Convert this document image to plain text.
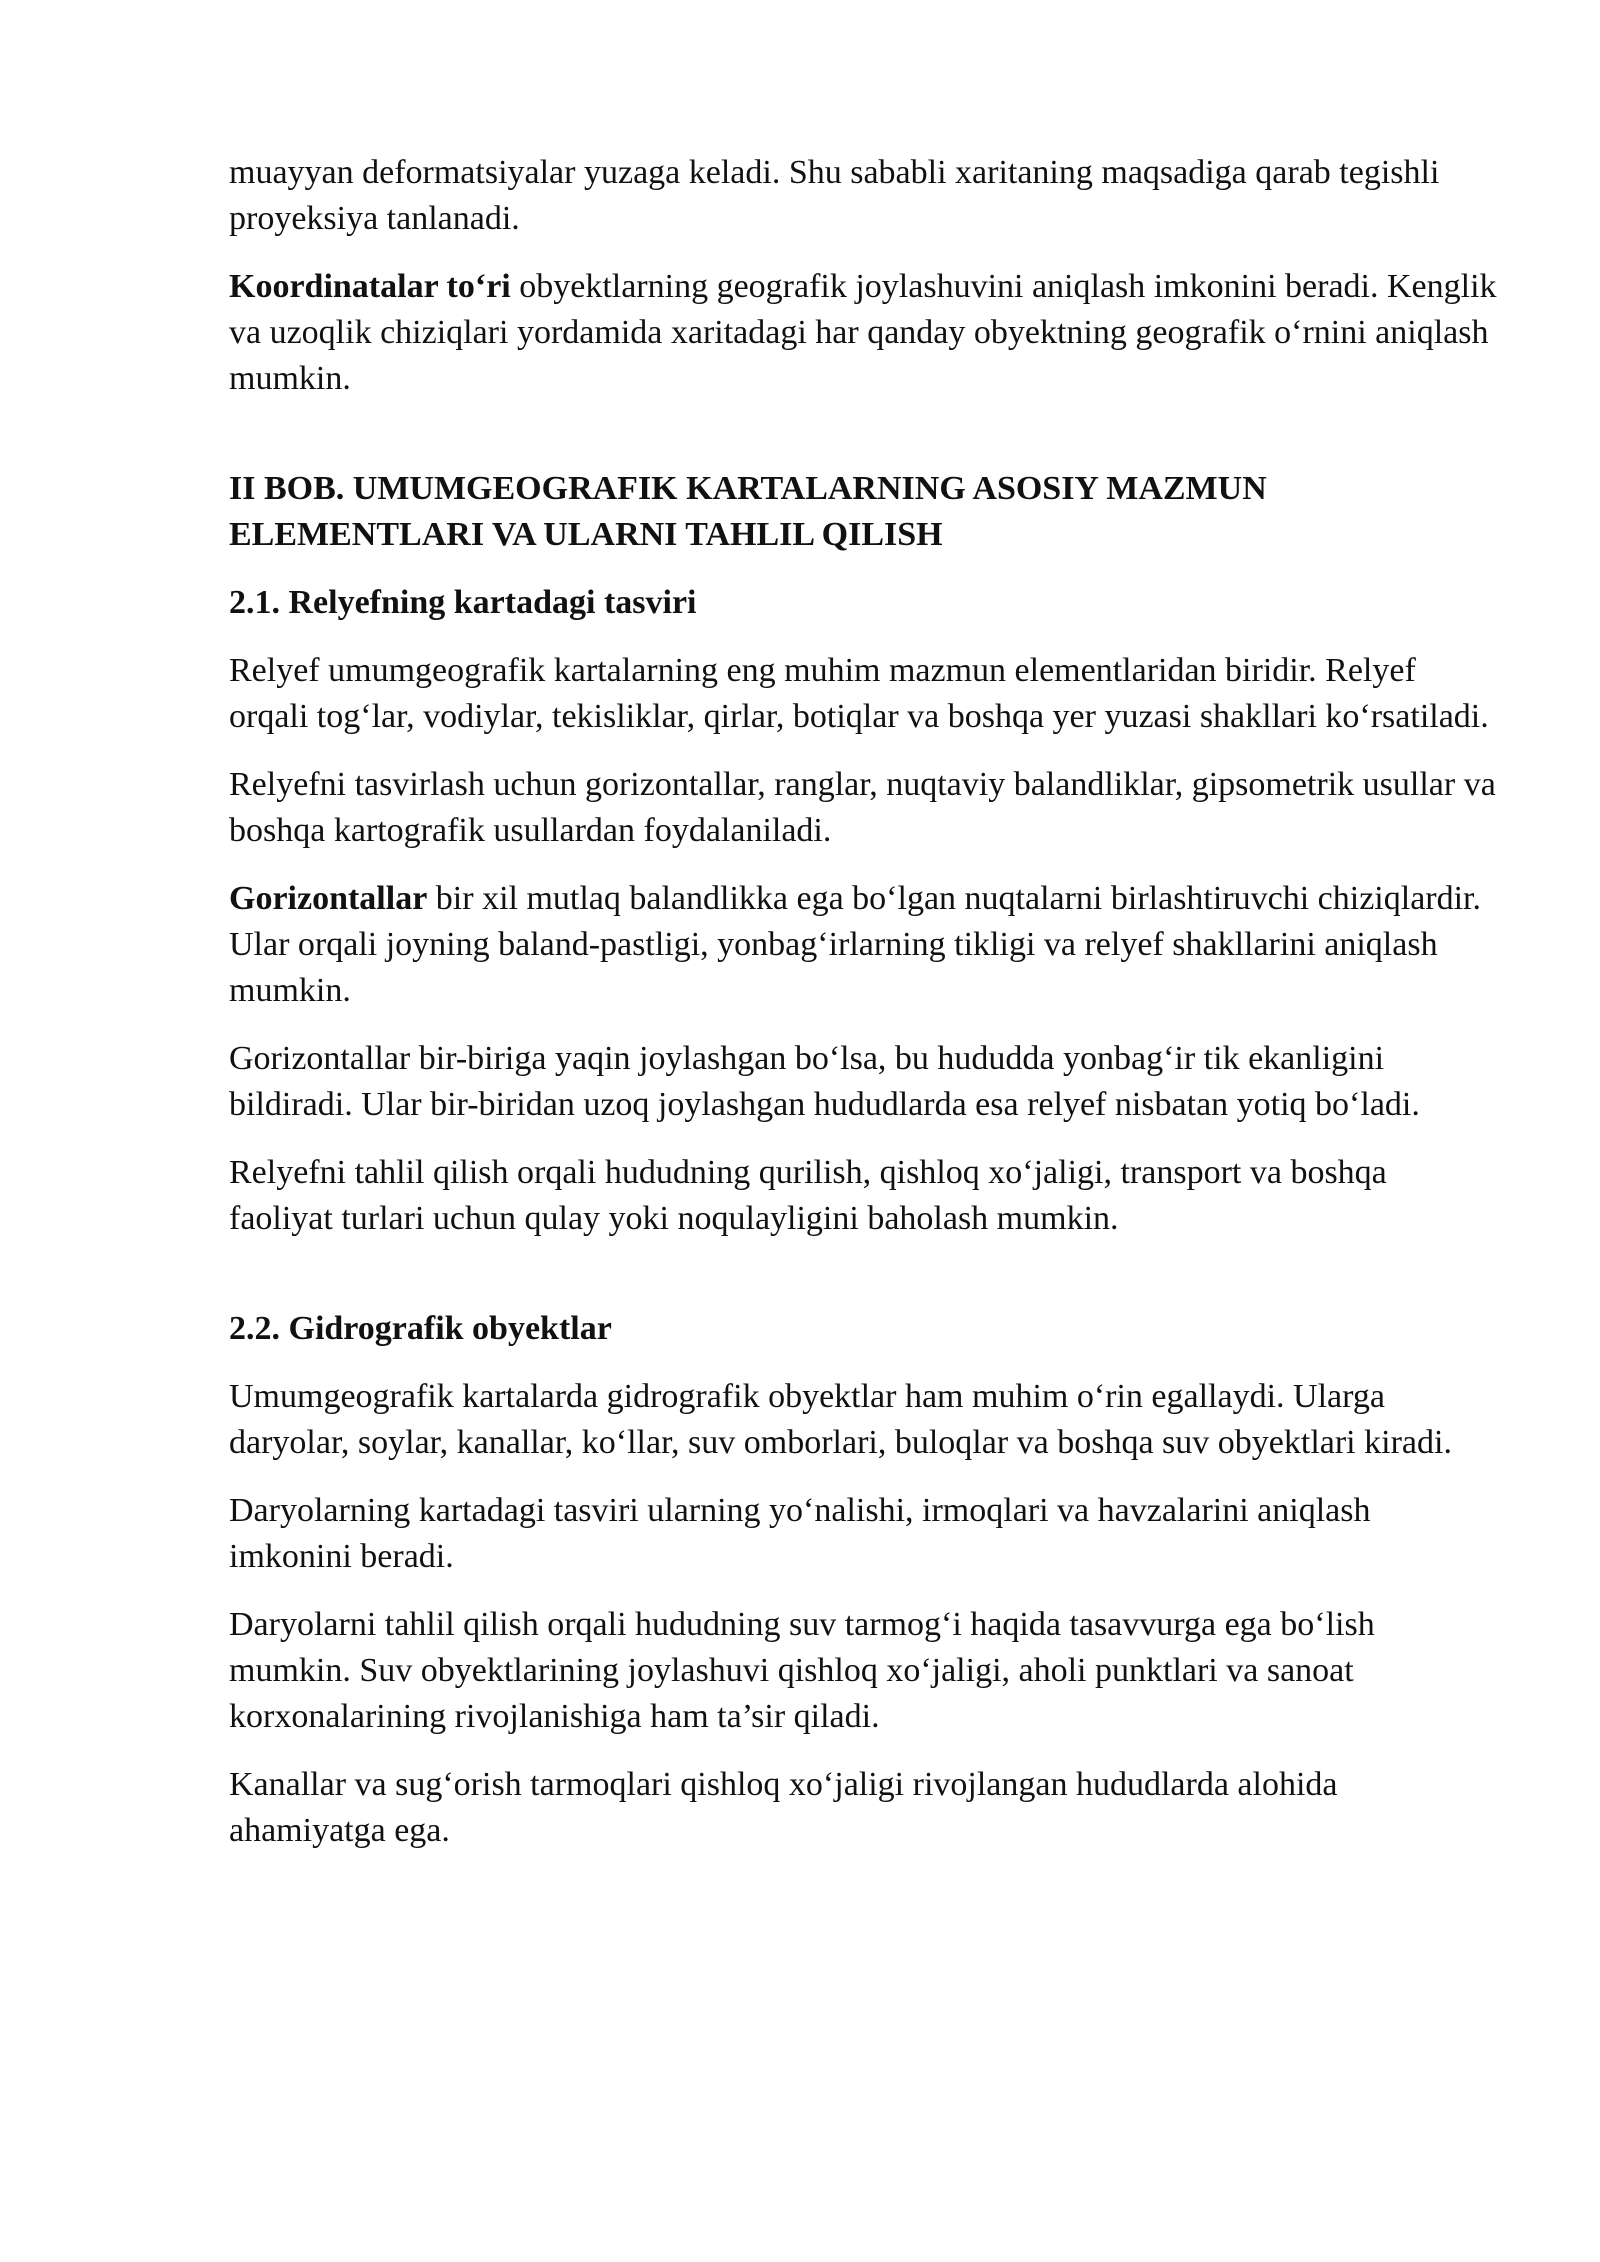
muayyan deformatsiyalar yuzaga keladi. Shu sababli xaritaning maqsadiga qarab tegishli proyeksiya tanlanadi.

Koordinatalar to‘ri obyektlarning geografik joylashuvini aniqlash imkonini beradi. Kenglik va uzoqlik chiziqlari yordamida xaritadagi har qanday obyektning geografik o‘rnini aniqlash mumkin.

II BOB. UMUMGEOGRAFIK KARTALARNING ASOSIY MAZMUN ELEMENTLARI VA ULARNI TAHLIL QILISH
2.1. Relyefning kartadagi tasviri

Relyef umumgeografik kartalarning eng muhim mazmun elementlaridan biridir. Relyef orqali tog‘lar, vodiylar, tekisliklar, qirlar, botiqlar va boshqa yer yuzasi shakllari ko‘rsatiladi.

Relyefni tasvirlash uchun gorizontallar, ranglar, nuqtaviy balandliklar, gipsometrik usullar va boshqa kartografik usullardan foydalaniladi.

Gorizontallar bir xil mutlaq balandlikka ega bo‘lgan nuqtalarni birlashtiruvchi chiziqlardir. Ular orqali joyning baland-pastligi, yonbag‘irlarning tikligi va relyef shakllarini aniqlash mumkin.

Gorizontallar bir-biriga yaqin joylashgan bo‘lsa, bu hududda yonbag‘ir tik ekanligini bildiradi. Ular bir-biridan uzoq joylashgan hududlarda esa relyef nisbatan yotiq bo‘ladi.

Relyefni tahlil qilish orqali hududning qurilish, qishloq xo‘jaligi, transport va boshqa faoliyat turlari uchun qulay yoki noqulayligini baholash mumkin.

2.2. Gidrografik obyektlar

Umumgeografik kartalarda gidrografik obyektlar ham muhim o‘rin egallaydi. Ularga daryolar, soylar, kanallar, ko‘llar, suv omborlari, buloqlar va boshqa suv obyektlari kiradi.

Daryolarning kartadagi tasviri ularning yo‘nalishi, irmoqlari va havzalarini aniqlash imkonini beradi.

Daryolarni tahlil qilish orqali hududning suv tarmog‘i haqida tasavvurga ega bo‘lish mumkin. Suv obyektlarining joylashuvi qishloq xo‘jaligi, aholi punktlari va sanoat korxonalarining rivojlanishiga ham ta’sir qiladi.

Kanallar va sug‘orish tarmoqlari qishloq xo‘jaligi rivojlangan hududlarda alohida ahamiyatga ega.
